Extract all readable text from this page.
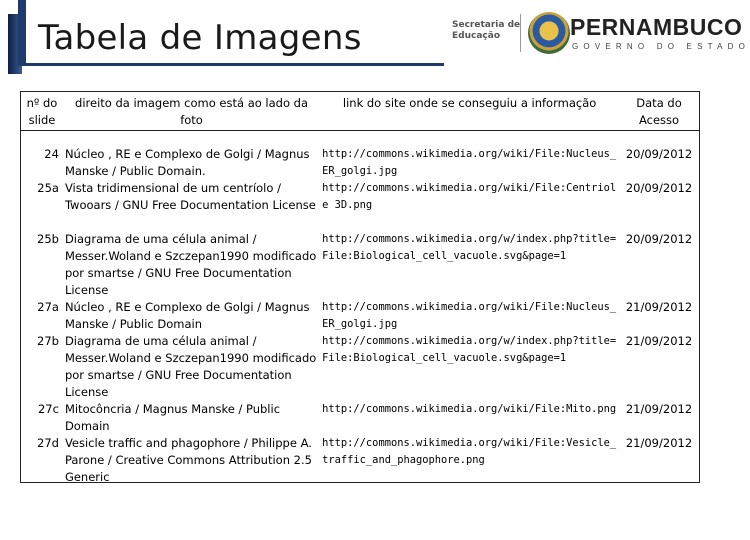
Tabela de Imagens	Secretaria de
Educação	PERNAMBUCO
GOVERNO DO ESTADO
nº do slide	direito da imagem como está ao lado da foto	link do site onde se conseguiu a informação	Data do Acesso
24	Núcleo , RE e Complexo de Golgi / Magnus Manske / Public Domain.	http://commons.wikimedia.org/wiki/File:Nucleus_ER_golgi.jpg	20/09/2012
25a	Vista tridimensional de um centríolo / Twooars / GNU Free Documentation License	http://commons.wikimedia.org/wiki/File:Centriole 3D.png	20/09/2012
25b	Diagrama de uma célula animal / Messer.Woland e Szczepan1990 modificado por smartse / GNU Free Documentation License	http://commons.wikimedia.org/w/index.php?title=File:Biological_cell_vacuole.svg&page=1	20/09/2012
27a	Núcleo , RE e Complexo de Golgi / Magnus Manske / Public Domain	http://commons.wikimedia.org/wiki/File:Nucleus_ER_golgi.jpg	21/09/2012
27b	Diagrama de uma célula animal / Messer.Woland e Szczepan1990 modificado por smartse / GNU Free Documentation License	http://commons.wikimedia.org/w/index.php?title=File:Biological_cell_vacuole.svg&page=1	21/09/2012
27c	Mitocôncria / Magnus Manske / Public Domain	http://commons.wikimedia.org/wiki/File:Mito.png	21/09/2012
27d	Vesicle traffic and phagophore / Philippe A. Parone / Creative Commons Attribution 2.5 Generic	http://commons.wikimedia.org/wiki/File:Vesicle_traffic_and_phagophore.png	21/09/2012
